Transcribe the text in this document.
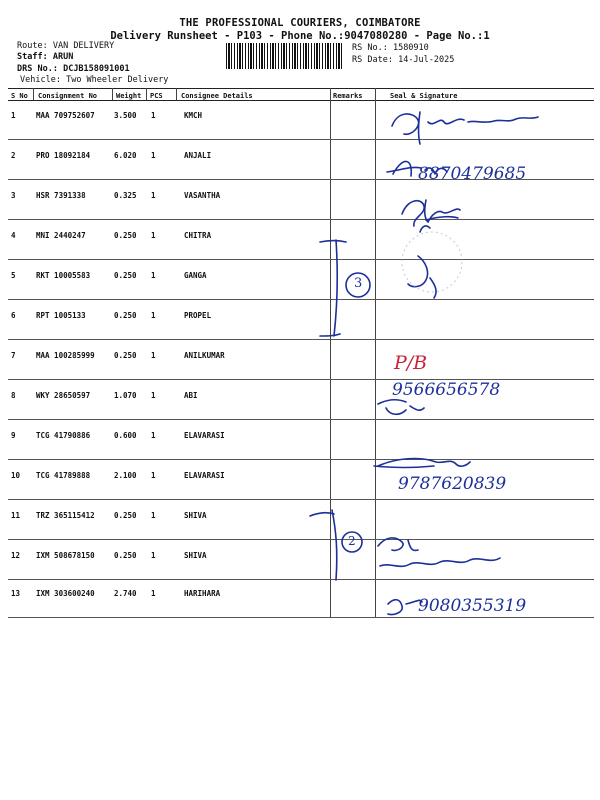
THE PROFESSIONAL COURIERS, COIMBATORE
Delivery Runsheet - P103 - Phone No.:9047080280 - Page No.:1
Route: VAN DELIVERY
Staff: ARUN
DRS No.: DCJB158091001
Vehicle: Two Wheeler Delivery
RS No.: 1580910
RS Date: 14-Jul-2025
S No Consignment No	Weight PCS	Consignee Details	Remarks	Seal & Signature
1	MAA 709752607	3.500 1	KMCH
2	PRO 18092184	6.020 1	ANJALI
3	HSR 7391338	0.325 1	VASANTHA
4	MNI 2440247	0.250 1	CHITRA
5	RKT 10005583	0.250 1	GANGA
6	RPT 1005133	0.250 1	PROPEL
7	MAA 100285999	0.250 1	ANILKUMAR
8	WKY 28650597	1.070 1	ABI
9	TCG 41790886	0.600 1	ELAVARASI
10 TCG 41789888	2.100 1	ELAVARASI
11 TRZ 365115412	0.250 1	SHIVA
12 IXM 508678150	0.250 1	SHIVA
13 IXM 303600240	2.740 1	HARIHARA
8870479685
P/B
9566656578
9787620839
9080355319
3
2
